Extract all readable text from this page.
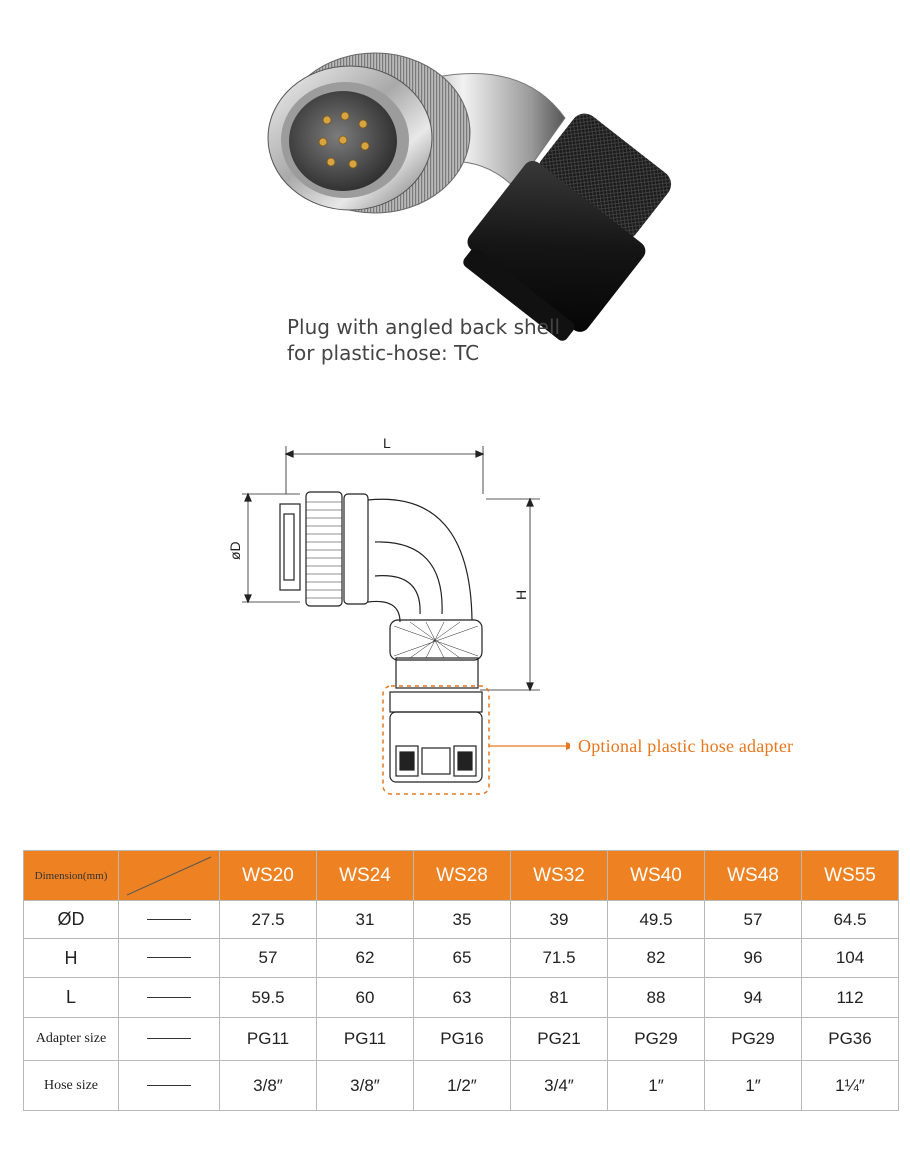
Plug with angled back shell
for plastic-hose: TC
L
øD
H
Optional plastic hose adapter
Dimension(mm)		WS20	WS24	WS28	WS32	WS40	WS48	WS55
ØD		27.5	31	35	39	49.5	57	64.5
H		57	62	65	71.5	82	96	104
L		59.5	60	63	81	88	94	112
Adapter size		PG11	PG11	PG16	PG21	PG29	PG29	PG36
Hose size		3/8″	3/8″	1/2″	3/4″	1″	1″	1¼″
